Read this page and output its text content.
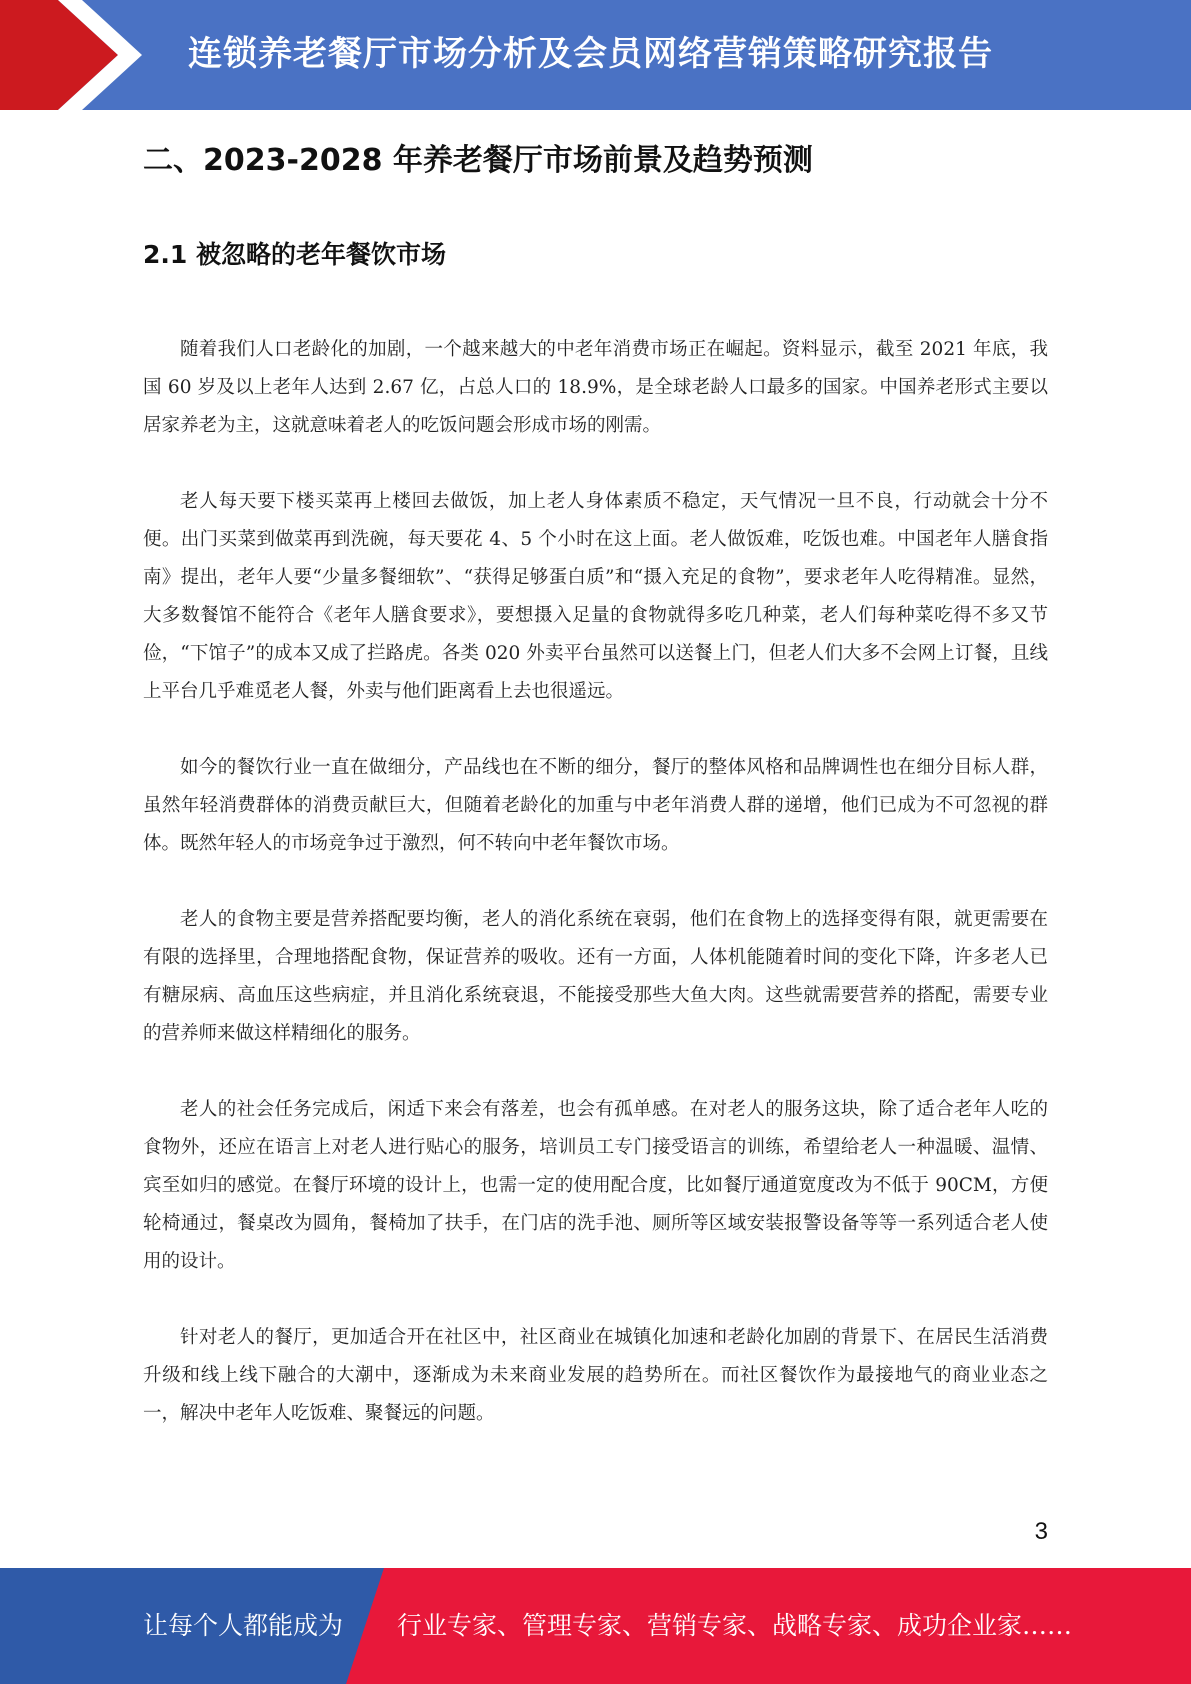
连锁养老餐厅市场分析及会员网络营销策略研究报告
二、2023-2028 年养老餐厅市场前景及趋势预测
2.1 被忽略的老年餐饮市场

随着我们人口老龄化的加剧，一个越来越大的中老年消费市场正在崛起。资料显示，截至 2021 年底，我国 60 岁及以上老年人达到 2.67 亿，占总人口的 18.9%，是全球老龄人口最多的国家。中国养老形式主要以居家养老为主，这就意味着老人的吃饭问题会形成市场的刚需。

老人每天要下楼买菜再上楼回去做饭，加上老人身体素质不稳定，天气情况一旦不良，行动就会十分不便。出门买菜到做菜再到洗碗，每天要花 4、5 个小时在这上面。老人做饭难，吃饭也难。中国老年人膳食指南》提出，老年人要“少量多餐细软”、“获得足够蛋白质”和“摄入充足的食物”，要求老年人吃得精准。显然，大多数餐馆不能符合《老年人膳食要求》，要想摄入足量的食物就得多吃几种菜，老人们每种菜吃得不多又节俭，“下馆子”的成本又成了拦路虎。各类 020 外卖平台虽然可以送餐上门，但老人们大多不会网上订餐，且线上平台几乎难觅老人餐，外卖与他们距离看上去也很遥远。

如今的餐饮行业一直在做细分，产品线也在不断的细分，餐厅的整体风格和品牌调性也在细分目标人群，虽然年轻消费群体的消费贡献巨大，但随着老龄化的加重与中老年消费人群的递增，他们已成为不可忽视的群体。既然年轻人的市场竞争过于激烈，何不转向中老年餐饮市场。

老人的食物主要是营养搭配要均衡，老人的消化系统在衰弱，他们在食物上的选择变得有限，就更需要在有限的选择里，合理地搭配食物，保证营养的吸收。还有一方面，人体机能随着时间的变化下降，许多老人已有糖尿病、高血压这些病症，并且消化系统衰退，不能接受那些大鱼大肉。这些就需要营养的搭配，需要专业的营养师来做这样精细化的服务。

老人的社会任务完成后，闲适下来会有落差，也会有孤单感。在对老人的服务这块，除了适合老年人吃的食物外，还应在语言上对老人进行贴心的服务，培训员工专门接受语言的训练，希望给老人一种温暖、温情、宾至如归的感觉。在餐厅环境的设计上，也需一定的使用配合度，比如餐厅通道宽度改为不低于 90CM，方便轮椅通过，餐桌改为圆角，餐椅加了扶手，在门店的洗手池、厕所等区域安装报警设备等等一系列适合老人使用的设计。

针对老人的餐厅，更加适合开在社区中，社区商业在城镇化加速和老龄化加剧的背景下、在居民生活消费升级和线上线下融合的大潮中，逐渐成为未来商业发展的趋势所在。而社区餐饮作为最接地气的商业业态之一，解决中老年人吃饭难、聚餐远的问题。

3
让每个人都能成为 行业专家、管理专家、营销专家、战略专家、成功企业家……
